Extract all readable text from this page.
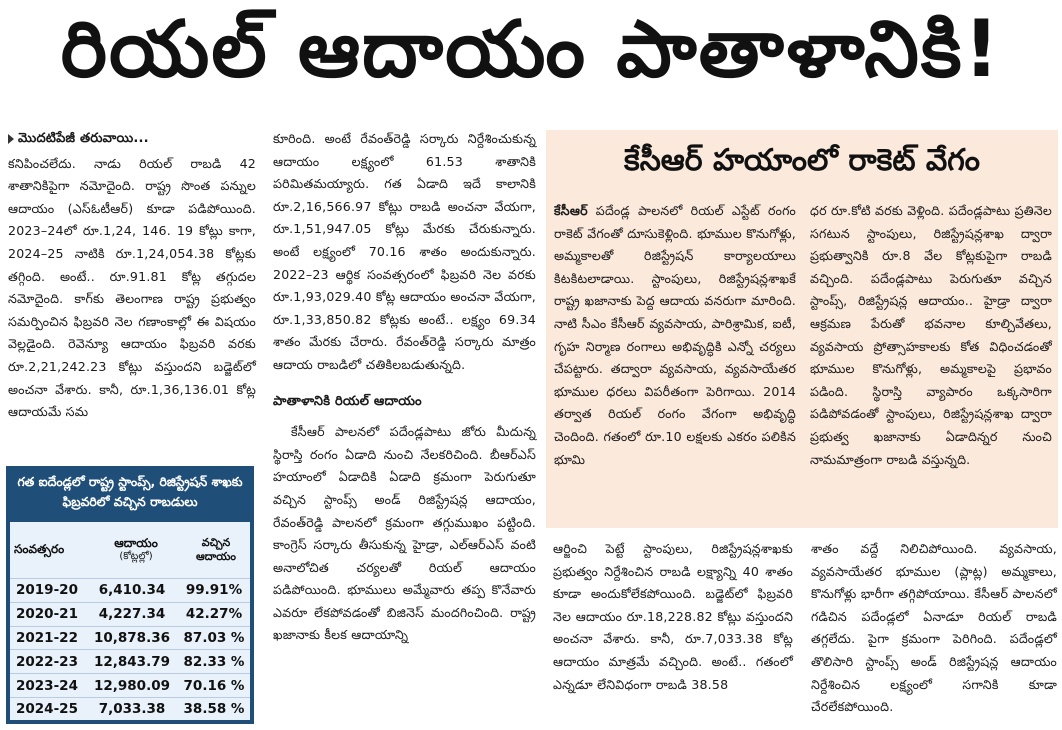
రియల్ ఆదాయం పాతాళానికి!
మొదటిపేజీ తరువాయి...

కనిపించలేదు. నాడు రియల్ రాబడి 42 శాతానికిపైగా నమోదైంది. రాష్ట్ర సొంత పన్నుల ఆదాయం (ఎస్ఓటీఆర్) కూడా పడిపోయింది. 2023–24లో రూ.1,24, 146. 19 కోట్లు కాగా, 2024–25 నాటికి రూ.1,24,054.38 కోట్లకు తగ్గింది. అంటే.. రూ.91.81 కోట్ల తగ్గుదల నమోదైంది. కాగ్‌కు తెలంగాణ రాష్ట్ర ప్రభుత్వం సమర్పించిన ఫిబ్రవరి నెల గణాంకాల్లో ఈ విషయం వెల్లడైంది. రెవెన్యూ ఆదాయం ఫిబ్రవరి వరకు రూ.2,21,242.23 కోట్లు వస్తుందని బడ్జెట్‌లో అంచనా వేశారు. కానీ, రూ.1,36,136.01 కోట్ల ఆదాయమే సమ

గత ఐదేండ్లలో రాష్ట్ర స్టాంప్స్, రిజిస్ట్రేషన్ శాఖకు ఫిబ్రవరిలో వచ్చిన రాబడులు
సంవత్సరం	ఆదాయం
(కోట్లల్లో)
వచ్చిన ఆదాయం
2019-20	6,410.34	99.91%
2020-21	4,227.34	42.27%
2021-22	10,878.36	87.03 %
2022-23	12,843.79	82.33 %
2023-24	12,980.09	70.16 %
2024-25	7,033.38	38.58 %

కూరింది. అంటే రేవంత్‌రెడ్డి సర్కారు నిర్దేశించుకున్న ఆదాయం లక్ష్యంలో 61.53 శాతానికి పరిమితమయ్యారు. గత ఏడాది ఇదే కాలానికి రూ.2,16,566.97 కోట్లు రాబడి అంచనా వేయగా, రూ.1,51,947.05 కోట్లు మేరకు చేరుకున్నారు. అంటే లక్ష్యంలో 70.16 శాతం అందుకున్నారు. 2022–23 ఆర్థిక సంవత్సరంలో ఫిబ్రవరి నెల వరకు రూ.1,93,029.40 కోట్ల ఆదాయం అంచనా వేయగా, రూ.1,33,850.82 కోట్లకు అంటే.. లక్ష్యం 69.34 శాతం మేరకు చేరారు. రేవంత్‌రెడ్డి సర్కారు మాత్రం ఆదాయ రాబడిలో చతికిలబడుతున్నది.

పాతాళానికి రియల్ ఆదాయం

కేసీఆర్ పాలనలో పదేండ్లపాటు జోరు మీదున్న స్థిరాస్తి రంగం ఏడాది నుంచి నేలకరిచింది. బీఆర్ఎస్ హయాంలో ఏడాదికి ఏడాది క్రమంగా పెరుగుతూ వచ్చిన స్టాంప్స్ అండ్ రిజిస్ట్రేషన్ల ఆదాయం, రేవంత్‌రెడ్డి పాలనలో క్రమంగా తగ్గుముఖం పట్టింది. కాంగ్రెస్ సర్కారు తీసుకున్న హైడ్రా, ఎల్ఆర్ఎస్ వంటి అనాలోచిత చర్యలతో రియల్ ఆదాయం పడిపోయింది. భూములు అమ్మేవారు తప్ప కొనేవారు ఎవరూ లేకపోవడంతో బిజినెస్ మందగించింది. రాష్ట్ర ఖజానాకు కీలక ఆదాయాన్ని

కేసీఆర్ హయాంలో రాకెట్ వేగం

కేసీఆర్ పదేండ్ల పాలనలో రియల్ ఎస్టేట్ రంగం రాకెట్ వేగంతో దూసుకెళ్లింది. భూముల కొనుగోళ్లు, అమ్మకాలతో రిజిస్ట్రేషన్ కార్యాలయాలు కిటకిటలాడాయి. స్టాంపులు, రిజిస్ట్రేషన్లశాఖకే రాష్ట్ర ఖజానాకు పెద్ద ఆదాయ వనరుగా మారింది. నాటి సీఎం కేసీఆర్ వ్యవసాయ, పారిశ్రామిక, ఐటీ, గృహ నిర్మాణ రంగాలు అభివృద్ధికి ఎన్నో చర్యలు చేపట్టారు. తద్వారా వ్యవసాయ, వ్యవసాయేతర భూముల ధరలు విపరీతంగా పెరిగాయి. 2014 తర్వాత రియల్ రంగం వేగంగా అభివృద్ధి చెందింది. గతంలో రూ.10 లక్షలకు ఎకరం పలికిన భూమి

ధర రూ.కోటి వరకు వెళ్లింది. పదేండ్లపాటు ప్రతినెల సగటున స్టాంపులు, రిజిస్ట్రేషన్లశాఖ ద్వారా ప్రభుత్వానికి రూ.8 వేల కోట్లకుపైగా రాబడి వచ్చింది. పదేండ్లపాటు పెరుగుతూ వచ్చిన స్టాంప్స్, రిజిస్ట్రేషన్ల ఆదాయం.. హైడ్రా ద్వారా ఆక్రమణ పేరుతో భవనాల కూల్చివేతలు, వ్యవసాయ ప్రోత్సాహకాలకు కోత విధించడంతో భూముల కొనుగోళ్లు, అమ్మకాలపై ప్రభావం పడింది. స్థిరాస్తి వ్యాపారం ఒక్కసారిగా పడిపోవడంతో స్టాంపులు, రిజిస్ట్రేషన్లశాఖ ద్వారా ప్రభుత్వ ఖజానాకు ఏడాదిన్నర నుంచి నామమాత్రంగా రాబడి వస్తున్నది.

ఆర్జించి పెట్టే స్టాంపులు, రిజిస్ట్రేషన్లశాఖకు ప్రభుత్వం నిర్దేశించిన రాబడి లక్ష్యాన్ని 40 శాతం కూడా అందుకోలేకపోయింది. బడ్జెట్‌లో ఫిబ్రవరి నెల ఆదాయం రూ.18,228.82 కోట్లు వస్తుందని అంచనా వేశారు. కానీ, రూ.7,033.38 కోట్ల ఆదాయం మాత్రమే వచ్చింది. అంటే.. గతంలో ఎన్నడూ లేనివిధంగా రాబడి 38.58

శాతం వద్దే నిలిచిపోయింది. వ్యవసాయ, వ్యవసాయేతర భూముల (ప్లాట్ల) అమ్మకాలు, కొనుగోళ్లు భారీగా తగ్గిపోయాయి. కేసీఆర్ పాలనలో గడిచిన పదేండ్లలో ఏనాడూ రియల్ రాబడి తగ్గలేదు. పైగా క్రమంగా పెరిగింది. పదేండ్లలో తొలిసారి స్టాంప్స్ అండ్ రిజిస్ట్రేషన్ల ఆదాయం నిర్దేశించిన లక్ష్యంలో సగానికి కూడా చేరలేకపోయింది.
